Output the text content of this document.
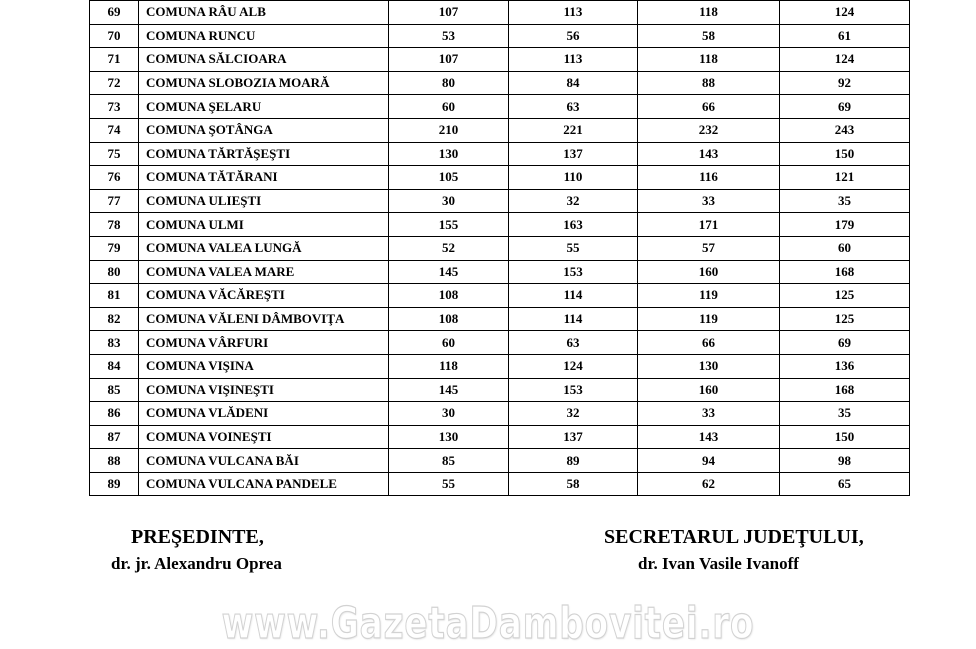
69	COMUNA RÂU ALB	107	113	118	124
70	COMUNA RUNCU	53	56	58	61
71	COMUNA SĂLCIOARA	107	113	118	124
72	COMUNA SLOBOZIA MOARĂ	80	84	88	92
73	COMUNA ŞELARU	60	63	66	69
74	COMUNA ŞOTÂNGA	210	221	232	243
75	COMUNA TĂRTĂŞEŞTI	130	137	143	150
76	COMUNA TĂTĂRANI	105	110	116	121
77	COMUNA ULIEŞTI	30	32	33	35
78	COMUNA ULMI	155	163	171	179
79	COMUNA VALEA LUNGĂ	52	55	57	60
80	COMUNA VALEA MARE	145	153	160	168
81	COMUNA VĂCĂREŞTI	108	114	119	125
82	COMUNA VĂLENI DÂMBOVIŢA	108	114	119	125
83	COMUNA VÂRFURI	60	63	66	69
84	COMUNA VIŞINA	118	124	130	136
85	COMUNA VIŞINEŞTI	145	153	160	168
86	COMUNA VLĂDENI	30	32	33	35
87	COMUNA VOINEŞTI	130	137	143	150
88	COMUNA VULCANA BĂI	85	89	94	98
89	COMUNA VULCANA PANDELE	55	58	62	65
PREŞEDINTE,
dr. jr. Alexandru Oprea
SECRETARUL JUDEŢULUI,
dr. Ivan Vasile Ivanoff
www.GazetaDambovitei.ro
